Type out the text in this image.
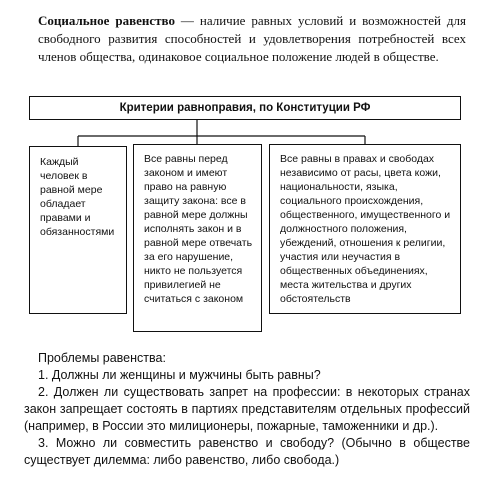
Социальное равенство — наличие равных условий и возможностей для свободного развития способностей и удовлетворения потребностей всех членов общества, одинаковое социальное положение людей в обществе.
Критерии равноправия, по Конституции РФ
Каждый человек в равной мере обладает правами и обязанностями
Все равны перед законом и имеют право на равную защиту закона: все в равной мере должны исполнять закон и в равной мере отвечать за его нарушение, никто не пользуется привилегией не считаться с законом
Все равны в правах и свободах независимо от расы, цвета кожи, национальности, языка, социального происхождения, общественного, имущественного и должностного положения, убеждений, отношения к религии, участия или неучастия в общественных объединениях, места жительства и других обстоятельств
Проблемы равенства:
1. Должны ли женщины и мужчины быть равны?
2. Должен ли существовать запрет на профессии: в некоторых странах закон запрещает состоять в партиях представителям отдельных профессий (например, в России это милиционеры, пожарные, таможенники и др.).
3. Можно ли совместить равенство и свободу? (Обычно в обществе существует дилемма: либо равенство, либо свобода.)
